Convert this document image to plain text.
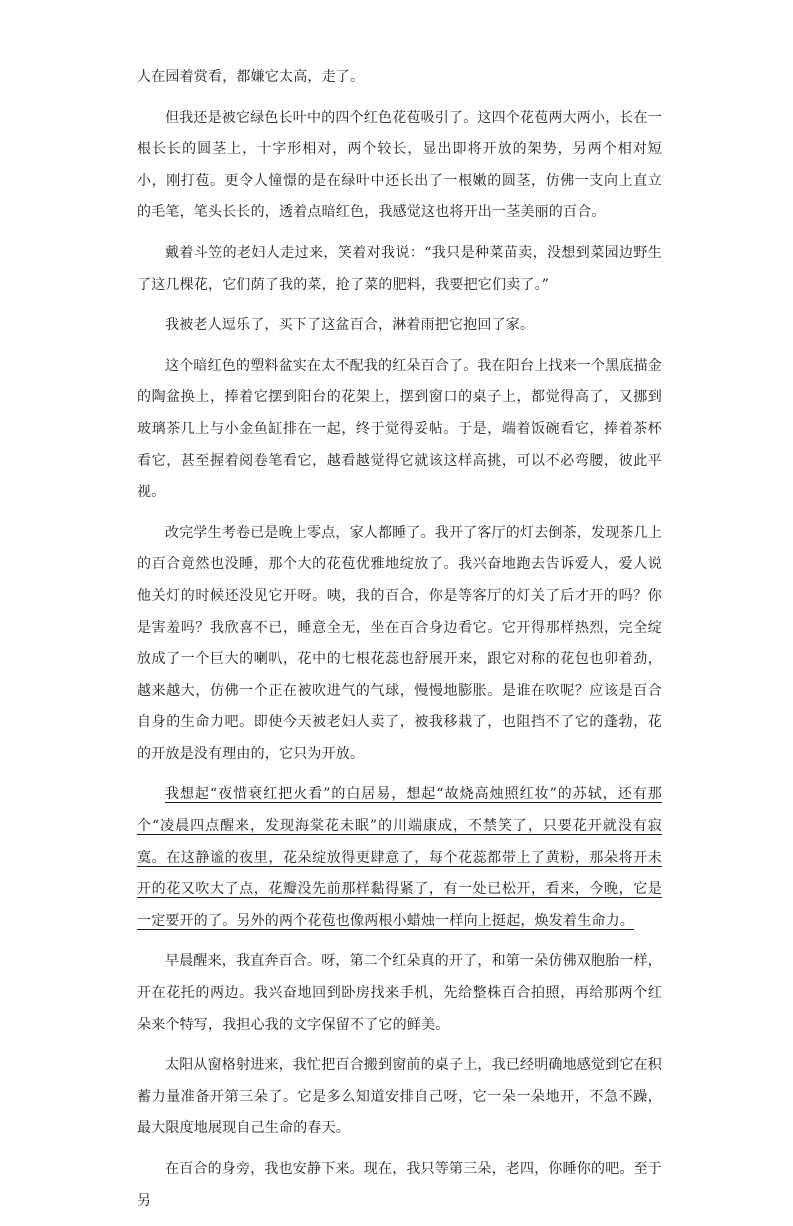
人在园着赏看，都嫌它太高，走了。

但我还是被它绿色长叶中的四个红色花苞吸引了。这四个花苞两大两小，长在一根长长的圆茎上，十字形相对，两个较长，显出即将开放的架势，另两个相对短小，刚打苞。更令人憧憬的是在绿叶中还长出了一根嫩的圆茎，仿佛一支向上直立的毛笔，笔头长长的，透着点暗红色，我感觉这也将开出一茎美丽的百合。

戴着斗笠的老妇人走过来，笑着对我说：“我只是种菜苗卖，没想到菜园边野生了这几棵花，它们荫了我的菜，抢了菜的肥料，我要把它们卖了。”

我被老人逗乐了，买下了这盆百合，淋着雨把它抱回了家。

这个暗红色的塑料盆实在太不配我的红朵百合了。我在阳台上找来一个黑底描金的陶盆换上，捧着它摆到阳台的花架上，摆到窗口的桌子上，都觉得高了，又挪到玻璃茶几上与小金鱼缸排在一起，终于觉得妥帖。于是，端着饭碗看它，捧着茶杯看它，甚至握着阅卷笔看它，越看越觉得它就该这样高挑，可以不必弯腰，彼此平视。

改完学生考卷已是晚上零点，家人都睡了。我开了客厅的灯去倒茶，发现茶几上的百合竟然也没睡，那个大的花苞优雅地绽放了。我兴奋地跑去告诉爱人，爱人说他关灯的时候还没见它开呀。咦，我的百合，你是等客厅的灯关了后才开的吗？你是害羞吗？我欣喜不已，睡意全无，坐在百合身边看它。它开得那样热烈，完全绽放成了一个巨大的喇叭，花中的七根花蕊也舒展开来，跟它对称的花包也卯着劲，越来越大，仿佛一个正在被吹进气的气球，慢慢地膨胀。是谁在吹呢？应该是百合自身的生命力吧。即使今天被老妇人卖了，被我移栽了，也阻挡不了它的蓬勃，花的开放是没有理由的，它只为开放。

我想起“夜惜衰红把火看”的白居易，想起“故烧高烛照红妆”的苏轼，还有那个“凌晨四点醒来，发现海棠花未眠”的川端康成，不禁笑了，只要花开就没有寂寞。在这静谧的夜里，花朵绽放得更肆意了，每个花蕊都带上了黄粉，那朵将开未开的花又吹大了点，花瓣没先前那样黏得紧了，有一处已松开，看来，今晚，它是一定要开的了。另外的两个花苞也像两根小蜡烛一样向上挺起，焕发着生命力。

早晨醒来，我直奔百合。呀，第二个红朵真的开了，和第一朵仿佛双胞胎一样，开在花托的两边。我兴奋地回到卧房找来手机，先给整株百合拍照，再给那两个红朵来个特写，我担心我的文字保留不了它的鲜美。

太阳从窗格射进来，我忙把百合搬到窗前的桌子上，我已经明确地感觉到它在积蓄力量准备开第三朵了。它是多么知道安排自己呀，它一朵一朵地开，不急不躁，最大限度地展现自己生命的春天。

在百合的身旁，我也安静下来。现在，我只等第三朵，老四，你睡你的吧。至于另
